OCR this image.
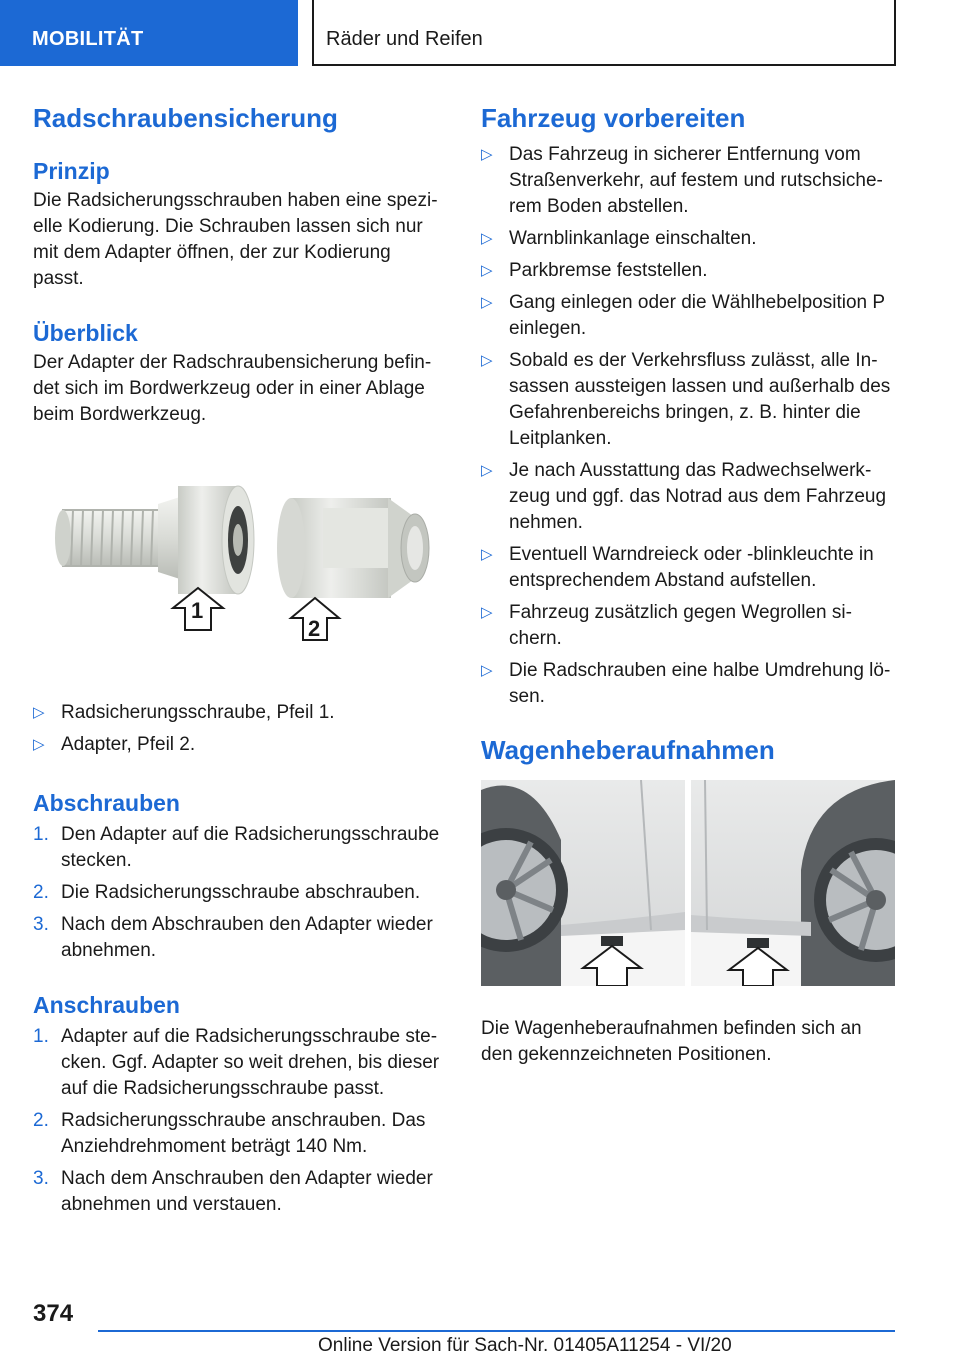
MOBILITÄT	Räder und Reifen
Radschraubensicherung
Prinzip

Die Radsicherungsschrauben haben eine spezielle Kodierung. Die Schrauben lassen sich nur mit dem Adapter öffnen, der zur Kodierung passt.

Überblick

Der Adapter der Radschraubensicherung befindet sich im Bordwerkzeug oder in einer Ablage beim Bordwerkzeug.

1
2
▷ Radsicherungsschraube, Pfeil 1.
▷ Adapter, Pfeil 2.
Abschrauben
1. Den Adapter auf die Radsicherungsschraube stecken.
2. Die Radsicherungsschraube abschrauben.
3. Nach dem Abschrauben den Adapter wieder abnehmen.
Anschrauben
1. Adapter auf die Radsicherungsschraube stecken. Ggf. Adapter so weit drehen, bis dieser auf die Radsicherungsschraube passt.
2. Radsicherungsschraube anschrauben. Das Anziehdrehmoment beträgt 140 Nm.
3. Nach dem Anschrauben den Adapter wieder abnehmen und verstauen.
Fahrzeug vorbereiten
▷ Das Fahrzeug in sicherer Entfernung vom Straßenverkehr, auf festem und rutschsicherem Boden abstellen.
▷ Warnblinkanlage einschalten.
▷ Parkbremse feststellen.
▷ Gang einlegen oder die Wählhebelposition P einlegen.
▷ Sobald es der Verkehrsfluss zulässt, alle Insassen aussteigen lassen und außerhalb des Gefahrenbereichs bringen, z. B. hinter die Leitplanken.
▷ Je nach Ausstattung das Radwechselwerkzeug und ggf. das Notrad aus dem Fahrzeug nehmen.
▷ Eventuell Warndreieck oder -blinkleuchte in entsprechendem Abstand aufstellen.
▷ Fahrzeug zusätzlich gegen Wegrollen sichern.
▷ Die Radschrauben eine halbe Umdrehung lösen.
Wagenheberaufnahmen

Die Wagenheberaufnahmen befinden sich an den gekennzeichneten Positionen.

374
Online Version für Sach-Nr. 01405A11254 - VI/20
